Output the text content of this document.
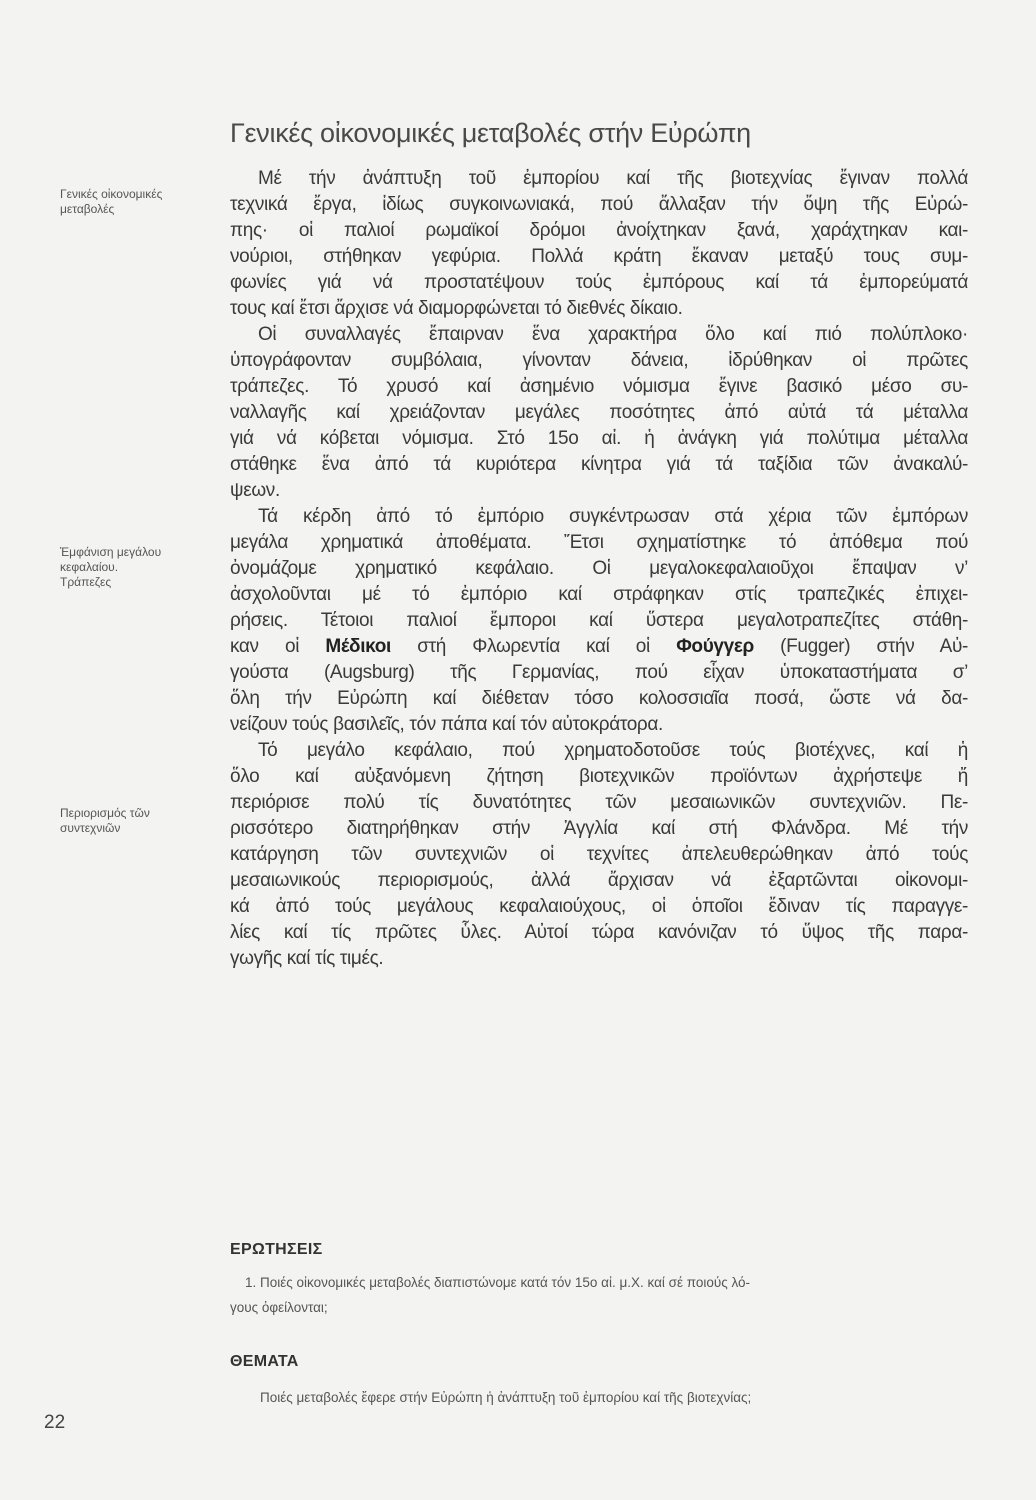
Γενικές οἰκονομικές μεταβολές στήν Εὐρώπη
Γενικές οἰκονομικές
μεταβολές
Ἐμφάνιση μεγάλου
κεφαλαίου.
Τράπεζες
Περιορισμός τῶν
συντεχνιῶν
Μέ τήν ἀνάπτυξη τοῦ ἐμπορίου καί τῆς βιοτεχνίας ἔγιναν πολλά
τεχνικά ἔργα, ἰδίως συγκοινωνιακά, πού ἄλλαξαν τήν ὄψη τῆς Εὐρώ-
πης· οἱ παλιοί ρωμαϊκοί δρόμοι ἀνοίχτηκαν ξανά, χαράχτηκαν και-
νούριοι, στήθηκαν γεφύρια. Πολλά κράτη ἔκαναν μεταξύ τους συμ-
φωνίες γιά νά προστατέψουν τούς ἐμπόρους καί τά ἐμπορεύματά
τους καί ἔτσι ἄρχισε νά διαμορφώνεται τό διεθνές δίκαιο.
Οἱ συναλλαγές ἔπαιρναν ἕνα χαρακτήρα ὅλο καί πιό πολύπλοκο·
ὑπογράφονταν συμβόλαια, γίνονταν δάνεια, ἱδρύθηκαν οἱ πρῶτες
τράπεζες. Τό χρυσό καί ἀσημένιο νόμισμα ἔγινε βασικό μέσο συ-
ναλλαγῆς καί χρειάζονταν μεγάλες ποσότητες ἀπό αὐτά τά μέταλλα
γιά νά κόβεται νόμισμα. Στό 15ο αἰ. ἡ ἀνάγκη γιά πολύτιμα μέταλλα
στάθηκε ἕνα ἀπό τά κυριότερα κίνητρα γιά τά ταξίδια τῶν ἀνακαλύ-
ψεων.
Τά κέρδη ἀπό τό ἐμπόριο συγκέντρωσαν στά χέρια τῶν ἐμπόρων
μεγάλα χρηματικά ἀποθέματα. Ἔτσι σχηματίστηκε τό ἀπόθεμα πού
ὀνομάζομε χρηματικό κεφάλαιο. Οἱ μεγαλοκεφαλαιοῦχοι ἔπαψαν ν’
ἀσχολοῦνται μέ τό ἐμπόριο καί στράφηκαν στίς τραπεζικές ἐπιχει-
ρήσεις. Τέτοιοι παλιοί ἔμποροι καί ὕστερα μεγαλοτραπεζίτες στάθη-
καν οἱ Μέδικοι στή Φλωρεντία καί οἱ Φούγγερ (Fugger) στήν Αὐ-
γούστα (Augsburg) τῆς Γερμανίας, πού εἶχαν ὑποκαταστήματα σ’
ὅλη τήν Εὐρώπη καί διέθεταν τόσο κολοσσιαῖα ποσά, ὥστε νά δα-
νείζουν τούς βασιλεῖς, τόν πάπα καί τόν αὐτοκράτορα.
Τό μεγάλο κεφάλαιο, πού χρηματοδοτοῦσε τούς βιοτέχνες, καί ἡ
ὅλο καί αὐξανόμενη ζήτηση βιοτεχνικῶν προϊόντων ἀχρήστεψε ἤ
περιόρισε πολύ τίς δυνατότητες τῶν μεσαιωνικῶν συντεχνιῶν. Πε-
ρισσότερο διατηρήθηκαν στήν Ἀγγλία καί στή Φλάνδρα. Μέ τήν
κατάργηση τῶν συντεχνιῶν οἱ τεχνίτες ἀπελευθερώθηκαν ἀπό τούς
μεσαιωνικούς περιορισμούς, ἀλλά ἄρχισαν νά ἐξαρτῶνται οἰκονομι-
κά ἀπό τούς μεγάλους κεφαλαιούχους, οἱ ὁποῖοι ἔδιναν τίς παραγγε-
λίες καί τίς πρῶτες ὗλες. Αὐτοί τώρα κανόνιζαν τό ὕψος τῆς παρα-
γωγῆς καί τίς τιμές.
ΕΡΩΤΗΣΕΙΣ
1. Ποιές οἰκονομικές μεταβολές διαπιστώνομε κατά τόν 15ο αἰ. μ.Χ. καί σέ ποιούς λό-
γους ὀφείλονται;
ΘΕΜΑΤΑ
Ποιές μεταβολές ἔφερε στήν Εὐρώπη ἡ ἀνάπτυξη τοῦ ἐμπορίου καί τῆς βιοτεχνίας;
22
